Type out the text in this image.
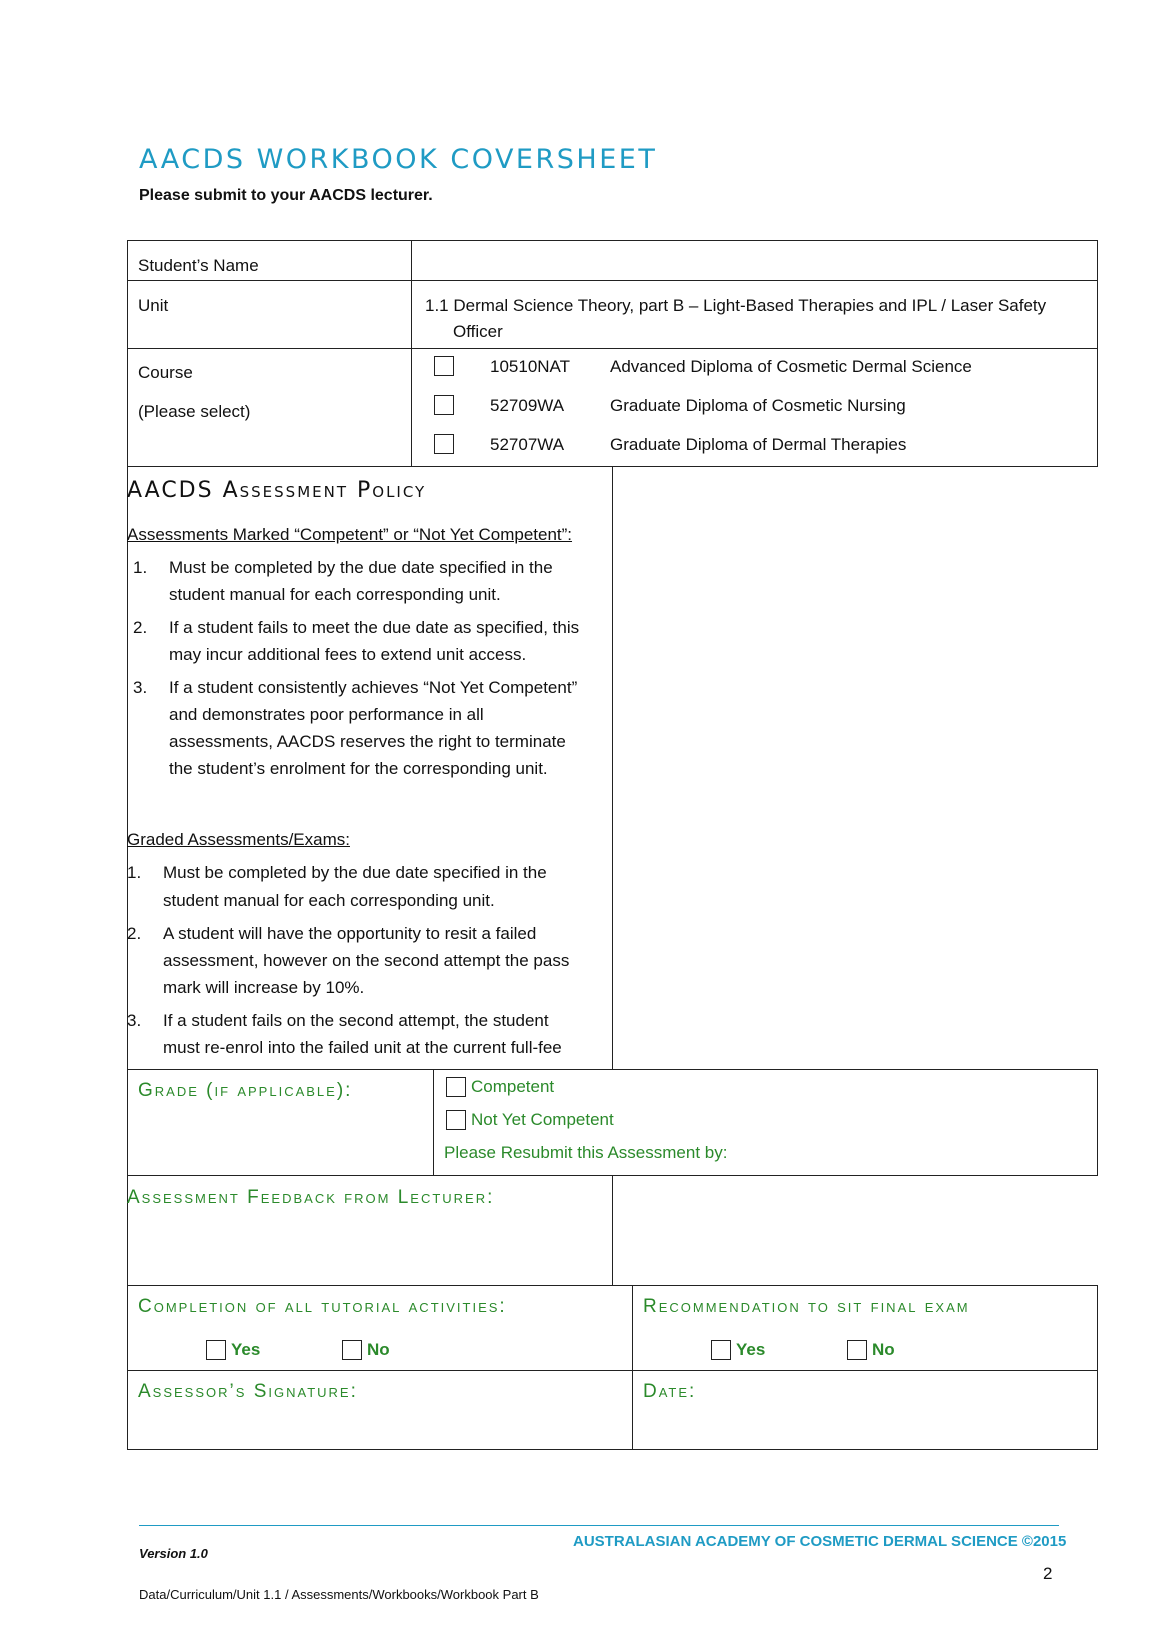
AACDS WORKBOOK COVERSHEET
Please submit to your AACDS lecturer.
Student’s Name
Unit	1.1 Dermal Science Theory, part B – Light-Based Therapies and IPL / Laser Safety
Officer
Course
(Please select)
10510NAT Advanced Diploma of Cosmetic Dermal Science
52709WA	Graduate Diploma of Cosmetic Nursing
52707WA	Graduate Diploma of Dermal Therapies
AACDS Assessment Policy
Assessments Marked “Competent” or “Not Yet Competent”:
1. Must be completed by the due date specified in the
student manual for each corresponding unit.
2. If a student fails to meet the due date as specified, this
may incur additional fees to extend unit access.
3. If a student consistently achieves “Not Yet Competent”
and demonstrates poor performance in all
assessments, AACDS reserves the right to terminate
the student’s enrolment for the corresponding unit.
Graded Assessments/Exams:
1. Must be completed by the due date specified in the
student manual for each corresponding unit.
2. A student will have the opportunity to resit a failed
assessment, however on the second attempt the pass
mark will increase by 10%.
3. If a student fails on the second attempt, the student
must re-enrol into the failed unit at the current full-fee
Grade (if applicable):	Competent
Not Yet Competent
Please Resubmit this Assessment by:
Assessment Feedback from Lecturer:
Completion of all tutorial activities:
Yes	No
Recommendation to sit final exam
Yes	No
Assessor’s Signature:	Date:
AUSTRALASIAN ACADEMY OF COSMETIC DERMAL SCIENCE ©2015
Version 1.0
2
Data/Curriculum/Unit 1.1 / Assessments/Workbooks/Workbook Part B
